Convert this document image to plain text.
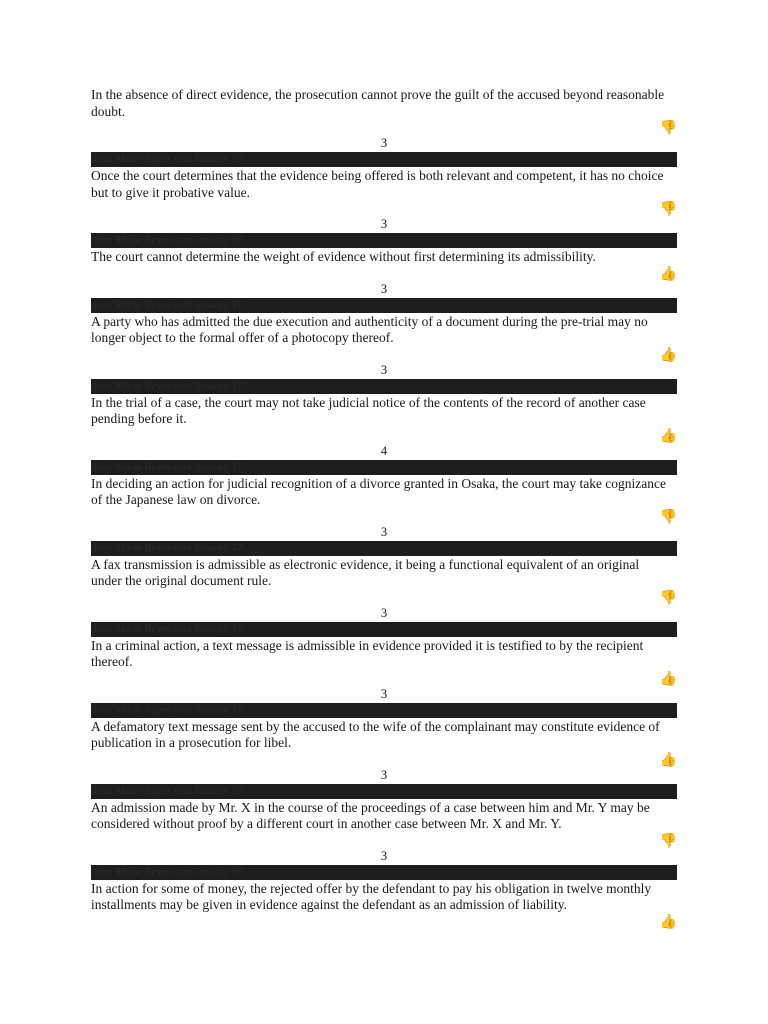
In the absence of direct evidence, the prosecution cannot prove the guilt of the accused beyond reasonable doubt.

👎
3
Jean Marie Reyes sent January 17

Once the court determines that the evidence being offered is both relevant and competent, it has no choice but to give it probative value.

👎
3
Jean Marie Reyes sent January 17

The court cannot determine the weight of evidence without first determining its admissibility.

👍
3
Jean Marie Reyes sent January 17

A party who has admitted the due execution and authenticity of a document during the pre-trial may no longer object to the formal offer of a photocopy thereof.

👍
3
Jean Marie Reyes sent January 17

In the trial of a case, the court may not take judicial notice of the contents of the record of another case pending before it.

👍
4
Jean Marie Reyes sent January 17

In deciding an action for judicial recognition of a divorce granted in Osaka, the court may take cognizance of the Japanese law on divorce.

👎
3
Jean Marie Reyes sent January 17

A fax transmission is admissible as electronic evidence, it being a functional equivalent of an original under the original document rule.

👎
3
Jean Marie Reyes sent January 17

In a criminal action, a text message is admissible in evidence provided it is testified to by the recipient thereof.

👍
3
Jean Marie Reyes sent January 17

A defamatory text message sent by the accused to the wife of the complainant may constitute evidence of publication in a prosecution for libel.

👍
3
Jean Marie Reyes sent January 17

An admission made by Mr. X in the course of the proceedings of a case between him and Mr. Y may be considered without proof by a different court in another case between Mr. X and Mr. Y.

👎
3
Jean Marie Reyes sent January 17

In action for some of money, the rejected offer by the defendant to pay his obligation in twelve monthly installments may be given in evidence against the defendant as an admission of liability.

👍
